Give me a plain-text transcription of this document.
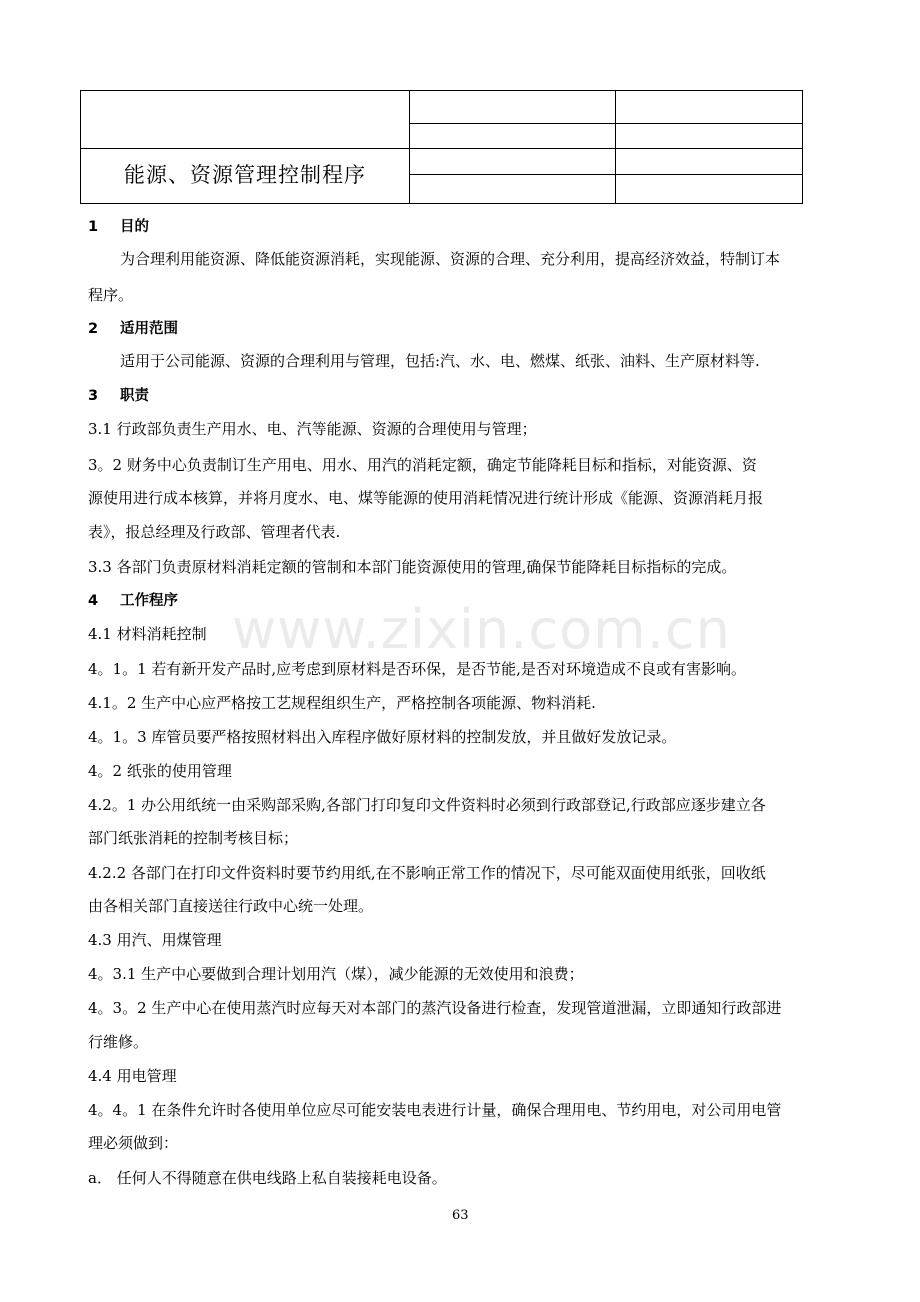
能源、资源管理控制程序		

1 目的
为合理利用能资源、降低能资源消耗，实现能源、资源的合理、充分利用，提高经济效益，特制订本
程序。
2 适用范围
适用于公司能源、资源的合理利用与管理，包括:汽、水、电、燃煤、纸张、油料、生产原材料等.
3 职责
3.1 行政部负责生产用水、电、汽等能源、资源的合理使用与管理；
3。2 财务中心负责制订生产用电、用水、用汽的消耗定额，确定节能降耗目标和指标，对能资源、资
源使用进行成本核算，并将月度水、电、煤等能源的使用消耗情况进行统计形成《能源、资源消耗月报
表》，报总经理及行政部、管理者代表.
3.3 各部门负责原材料消耗定额的管制和本部门能资源使用的管理,确保节能降耗目标指标的完成。
4 工作程序
4.1 材料消耗控制
4。1。1 若有新开发产品时,应考虑到原材料是否环保，是否节能,是否对环境造成不良或有害影响。
4.1。2 生产中心应严格按工艺规程组织生产，严格控制各项能源、物料消耗.
4。1。3 库管员要严格按照材料出入库程序做好原材料的控制发放，并且做好发放记录。
4。2 纸张的使用管理
4.2。1 办公用纸统一由采购部采购,各部门打印复印文件资料时必须到行政部登记,行政部应逐步建立各
部门纸张消耗的控制考核目标；
4.2.2 各部门在打印文件资料时要节约用纸,在不影响正常工作的情况下，尽可能双面使用纸张，回收纸
由各相关部门直接送往行政中心统一处理。
4.3 用汽、用煤管理
4。3.1 生产中心要做到合理计划用汽（煤），减少能源的无效使用和浪费；
4。3。2 生产中心在使用蒸汽时应每天对本部门的蒸汽设备进行检查，发现管道泄漏，立即通知行政部进
行维修。
4.4 用电管理
4。4。1 在条件允许时各使用单位应尽可能安装电表进行计量，确保合理用电、节约用电，对公司用电管
理必须做到：
a． 任何人不得随意在供电线路上私自装接耗电设备。
www.zixin.com.cn
63
